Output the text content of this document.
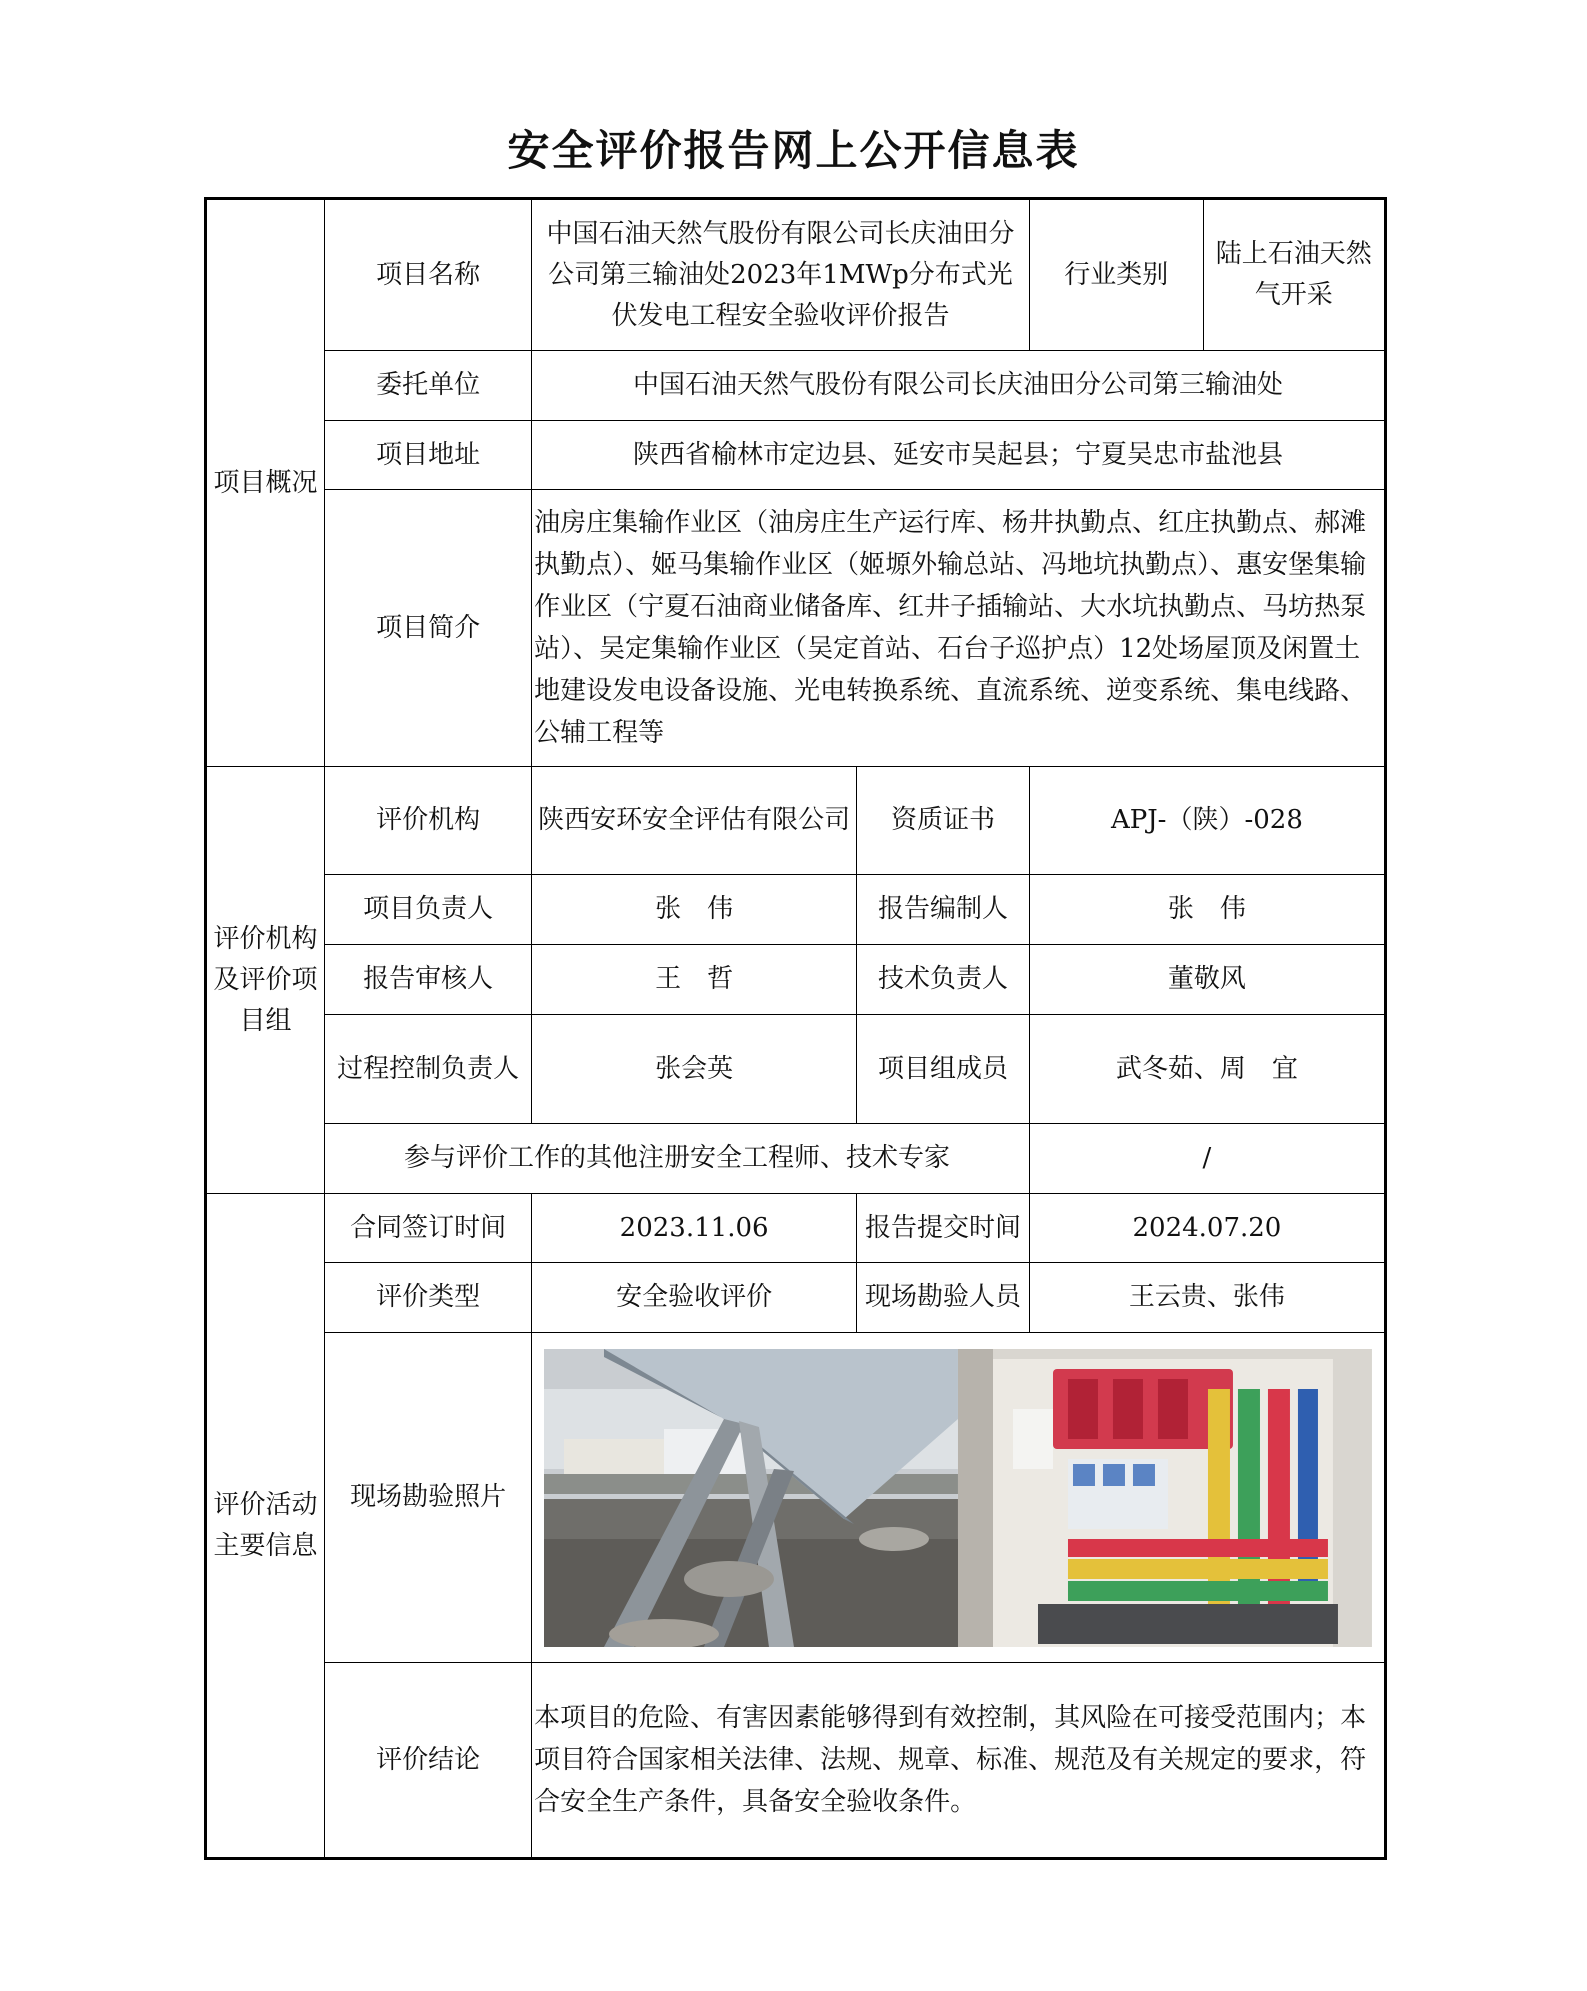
安全评价报告网上公开信息表
项目概况	项目名称	中国石油天然气股份有限公司长庆油田分公司第三输油处2023年1MWp分布式光伏发电工程安全验收评价报告		行业类别	陆上石油天然气开采
	委托单位	中国石油天然气股份有限公司长庆油田分公司第三输油处			
	项目地址	陕西省榆林市定边县、延安市吴起县；宁夏吴忠市盐池县			
	项目简介	油房庄集输作业区（油房庄生产运行库、杨井执勤点、红庄执勤点、郝滩执勤点）、姬马集输作业区（姬塬外输总站、冯地坑执勤点）、惠安堡集输作业区（宁夏石油商业储备库、红井子插输站、大水坑执勤点、马坊热泵站）、吴定集输作业区（吴定首站、石台子巡护点）12处场屋顶及闲置土地建设发电设备设施、光电转换系统、直流系统、逆变系统、集电线路、公辅工程等			
评价机构及评价项目组	评价机构	陕西安环安全评估有限公司	资质证书	APJ-（陕）-028	
	项目负责人	张　伟	报告编制人	张　伟	
	报告审核人	王　哲	技术负责人	董敬风	
	过程控制负责人	张会英	项目组成员	武冬茹、周　宜	
	参与评价工作的其他注册安全工程师、技术专家			/	
评价活动主要信息	合同签订时间	2023.11.06	报告提交时间	2024.07.20	
	评价类型	安全验收评价	现场勘验人员	王云贵、张伟	
	现场勘验照片	

	评价结论	本项目的危险、有害因素能够得到有效控制，其风险在可接受范围内；本项目符合国家相关法律、法规、规章、标准、规范及有关规定的要求，符合安全生产条件，具备安全验收条件。			
